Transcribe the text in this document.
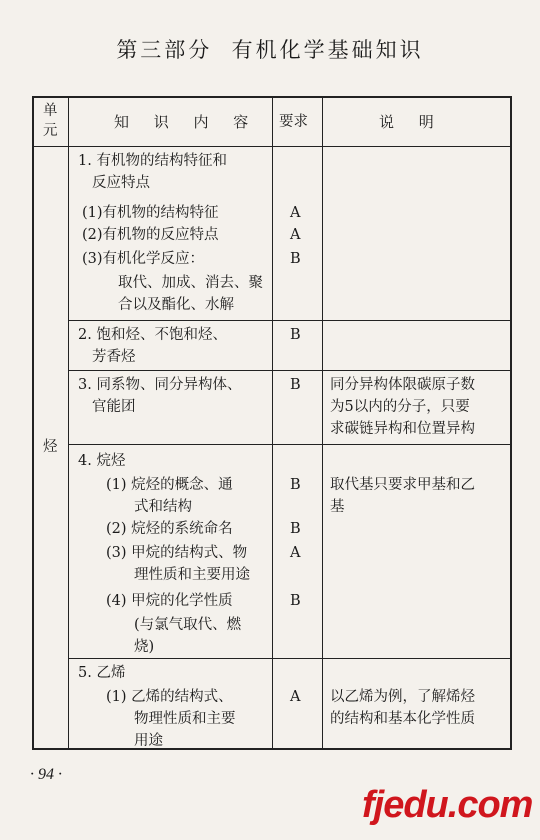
第三部分  有机化学基础知识
单
元	知 识 内 容 要求	说 明
烃
1. 有机物的结构特征和
反应特点
(1)有机物的结构特征
(2)有机物的反应特点
(3)有机化学反应：
取代、加成、消去、聚
合以及酯化、水解
A
A
B
2. 饱和烃、不饱和烃、
芳香烃
B
3. 同系物、同分异构体、
官能团
B 同分异构体限碳原子数
为5以内的分子，只要
求碳链异构和位置异构
4. 烷烃
(1) 烷烃的概念、通
式和结构
(2) 烷烃的系统命名
(3) 甲烷的结构式、物
理性质和主要用途
(4) 甲烷的化学性质
(与氯气取代、燃
烧)
B
B
A
B
取代基只要求甲基和乙
基
5. 乙烯
(1) 乙烯的结构式、
物理性质和主要
用途
A 以乙烯为例，了解烯烃
的结构和基本化学性质
· 94 ·
fjedu.com
